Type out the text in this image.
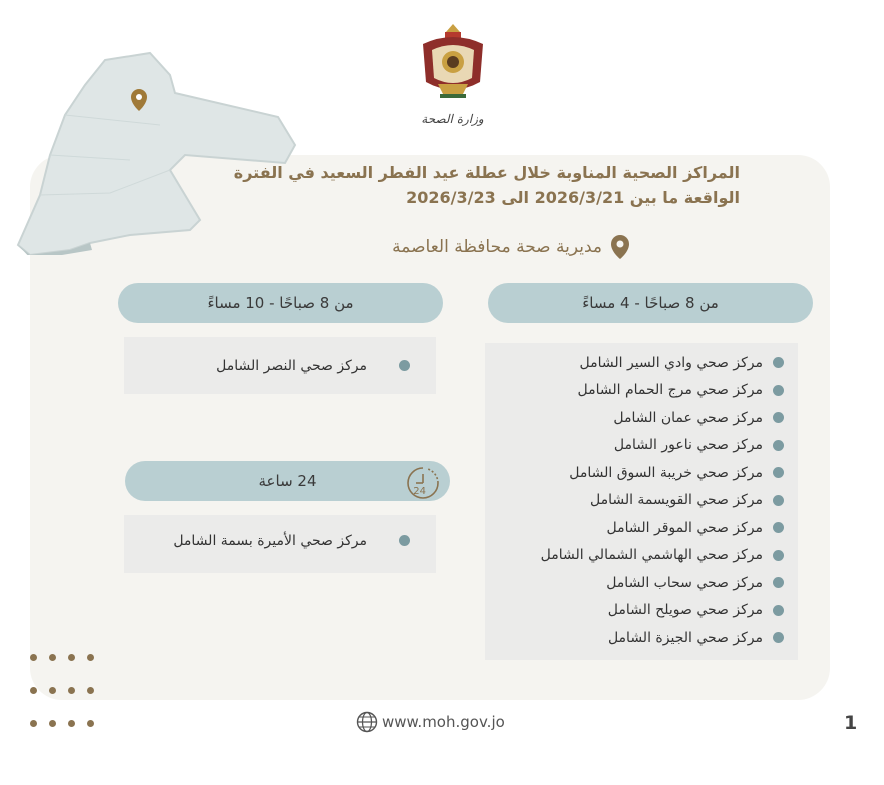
وزارة الصحة
المراكز الصحية المناوبة خلال عطلة عيد الفطر السعيد في الفترة
الواقعة ما بين 2026/3/21 الى 2026/3/23
مديرية صحة محافظة العاصمة
من 8 صباحًا - 4 مساءً
مركز صحي وادي السير الشامل
مركز صحي مرج الحمام الشامل
مركز صحي عمان الشامل
مركز صحي ناعور الشامل
مركز صحي خريبة السوق الشامل
مركز صحي القويسمة الشامل
مركز صحي الموقر الشامل
مركز صحي الهاشمي الشمالي الشامل
مركز صحي سحاب الشامل
مركز صحي صويلح الشامل
مركز صحي الجيزة الشامل
من 8 صباحًا - 10 مساءً
مركز صحي النصر الشامل
24 ساعة
24
مركز صحي الأميرة بسمة الشامل
www.moh.gov.jo	1
